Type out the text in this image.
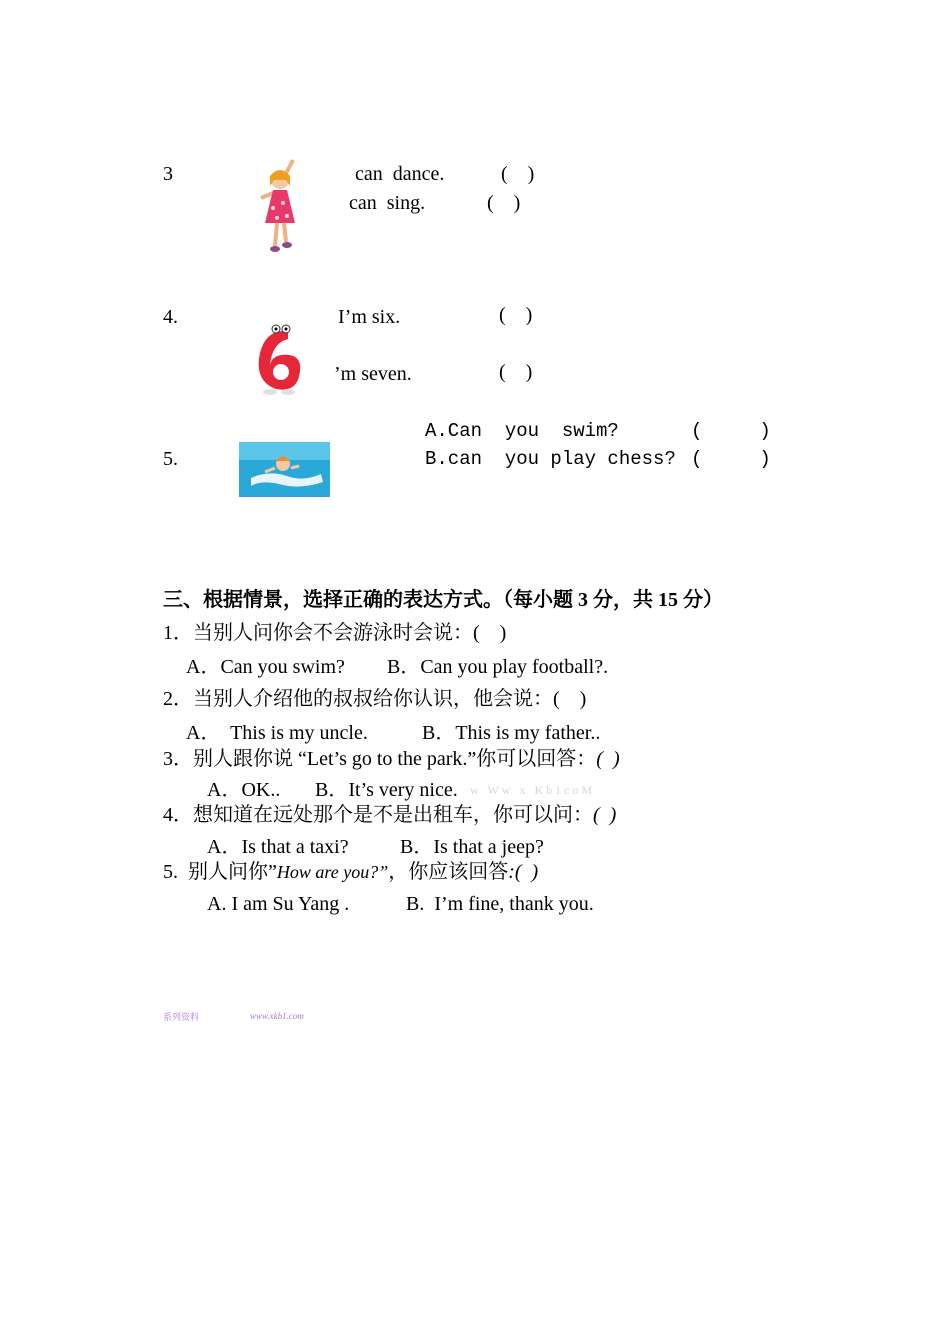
3

	can  dance.	(    )
can  sing.	(    )
4.

	I’m six.	(    )
’m seven.	(    )
5.

A.Can  you  swim?	(     )
B.can  you play chess? (     )
三、根据情景，选择正确的表达方式。（每小题 3 分，共 15 分）
1．当别人问你会不会游泳时会说：(    )
A．Can you swim? B．Can you play football?.
2．当别人介绍他的叔叔给你认识，他会说：(    )
A．  This is my uncle.	B．This is my father..
3．别人跟你说 “Let’s go to the park.”你可以回答：(  )
w Ww x Kb1coM
A．OK.. B．It’s very nice.
4．想知道在远处那个是不是出租车，你可以问：(  )
A．Is that a taxi?	B．Is that a jeep?
5.  别人问你”How are you?”，你应该回答:(  )
A. I am Su Yang .	B.  I’m fine, thank you.
系列资料	www.xkb1.com
